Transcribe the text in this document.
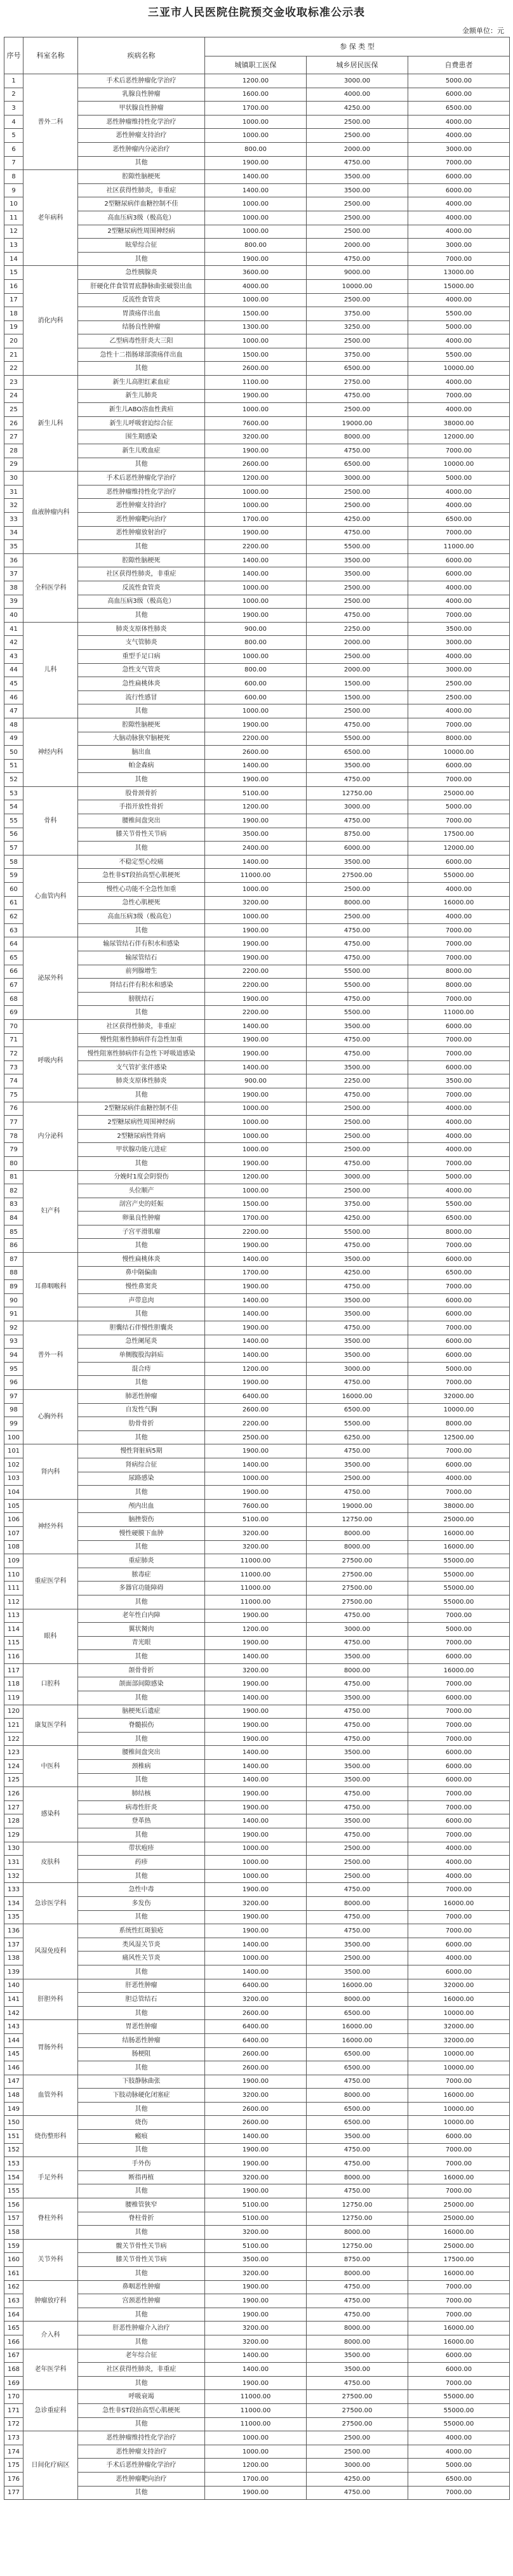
三亚市人民医院住院预交金收取标准公示表
金额单位：元
序号	科室名称	疾病名称	参 保 类 型		
			城镇职工医保	城乡居民医保	自费患者
1	普外二科	手术后恶性肿瘤化学治疗	1200.00	3000.00	5000.00
2		乳腺良性肿瘤	1600.00	4000.00	6000.00
3		甲状腺良性肿瘤	1700.00	4250.00	6500.00
4		恶性肿瘤维持性化学治疗	1000.00	2500.00	4000.00
5		恶性肿瘤支持治疗	1000.00	2500.00	4000.00
6		恶性肿瘤内分泌治疗	800.00	2000.00	3000.00
7		其他	1900.00	4750.00	7000.00
8	老年病科	腔隙性脑梗死	1400.00	3500.00	6000.00
9		社区获得性肺炎，非重症	1400.00	3500.00	6000.00
10		2型糖尿病伴血糖控制不佳	1000.00	2500.00	4000.00
11		高血压病3级（极高危）	1000.00	2500.00	4000.00
12		2型糖尿病性周围神经病	1000.00	2500.00	4000.00
13		眩晕综合征	800.00	2000.00	3000.00
14		其他	1900.00	4750.00	7000.00
15	消化内科	急性胰腺炎	3600.00	9000.00	13000.00
16		肝硬化伴食管胃底静脉曲张破裂出血	4000.00	10000.00	15000.00
17		反流性食管炎	1000.00	2500.00	4000.00
18		胃溃疡伴出血	1500.00	3750.00	5500.00
19		结肠良性肿瘤	1300.00	3250.00	5000.00
20		乙型病毒性肝炎大三阳	1000.00	2500.00	4000.00
21		急性十二指肠球部溃疡伴出血	1500.00	3750.00	5500.00
22		其他	2600.00	6500.00	10000.00
23	新生儿科	新生儿高胆红素血症	1100.00	2750.00	4000.00
24		新生儿肺炎	1900.00	4750.00	7000.00
25		新生儿ABO溶血性黄疸	1000.00	2500.00	4000.00
26		新生儿呼吸窘迫综合征	7600.00	19000.00	38000.00
27		围生期感染	3200.00	8000.00	12000.00
28		新生儿败血症	1900.00	4750.00	7000.00
29		其他	2600.00	6500.00	10000.00
30	血液肿瘤内科	手术后恶性肿瘤化学治疗	1200.00	3000.00	5000.00
31		恶性肿瘤维持性化学治疗	1000.00	2500.00	4000.00
32		恶性肿瘤支持治疗	1000.00	2500.00	4000.00
33		恶性肿瘤靶向治疗	1700.00	4250.00	6500.00
34		恶性肿瘤放射治疗	1900.00	4750.00	7000.00
35		其他	2200.00	5500.00	11000.00
36	全科医学科	腔隙性脑梗死	1400.00	3500.00	6000.00
37		社区获得性肺炎，非重症	1400.00	3500.00	6000.00
38		反流性食管炎	1000.00	2500.00	4000.00
39		高血压病3级（极高危）	1000.00	2500.00	4000.00
40		其他	1900.00	4750.00	7000.00
41	儿科	肺炎支原体性肺炎	900.00	2250.00	3500.00
42		支气管肺炎	800.00	2000.00	3000.00
43		重型手足口病	1000.00	2500.00	4000.00
44		急性支气管炎	800.00	2000.00	3000.00
45		急性扁桃体炎	600.00	1500.00	2500.00
46		流行性感冒	600.00	1500.00	2500.00
47		其他	1000.00	2500.00	4000.00
48	神经内科	腔隙性脑梗死	1900.00	4750.00	7000.00
49		大脑动脉狭窄脑梗死	2200.00	5500.00	8000.00
50		脑出血	2600.00	6500.00	10000.00
51		帕金森病	1400.00	3500.00	6000.00
52		其他	1900.00	4750.00	7000.00
53	骨科	股骨颈骨折	5100.00	12750.00	25000.00
54		手指开放性骨折	1200.00	3000.00	5000.00
55		腰椎间盘突出	1900.00	4750.00	7000.00
56		膝关节骨性关节病	3500.00	8750.00	17500.00
57		其他	2400.00	6000.00	12000.00
58	心血管内科	不稳定型心绞痛	1400.00	3500.00	6000.00
59		急性非ST段抬高型心肌梗死	11000.00	27500.00	55000.00
60		慢性心功能不全急性加重	1000.00	2500.00	4000.00
61		急性心肌梗死	3200.00	8000.00	16000.00
62		高血压病3级（极高危）	1000.00	2500.00	4000.00
63		其他	1900.00	4750.00	7000.00
64	泌尿外科	输尿管结石伴有积水和感染	1900.00	4750.00	7000.00
65		输尿管结石	1900.00	4750.00	7000.00
66		前列腺增生	2200.00	5500.00	8000.00
67		肾结石伴有积水和感染	2200.00	5500.00	8000.00
68		膀胱结石	1900.00	4750.00	7000.00
69		其他	2200.00	5500.00	11000.00
70	呼吸内科	社区获得性肺炎，非重症	1400.00	3500.00	6000.00
71		慢性阻塞性肺病伴有急性加重	1900.00	4750.00	7000.00
72		慢性阻塞性肺病伴有急性下呼吸道感染	1900.00	4750.00	7000.00
73		支气管扩张伴感染	1400.00	3500.00	6000.00
74		肺炎支原体性肺炎	900.00	2250.00	3500.00
75		其他	1900.00	4750.00	7000.00
76	内分泌科	2型糖尿病伴血糖控制不佳	1000.00	2500.00	4000.00
77		2型糖尿病性周围神经病	1000.00	2500.00	4000.00
78		2型糖尿病性肾病	1000.00	2500.00	4000.00
79		甲状腺功能亢进症	1000.00	2500.00	4000.00
80		其他	1900.00	4750.00	7000.00
81	妇产科	分娩时1度会阴裂伤	1200.00	3000.00	5000.00
82		头位顺产	1000.00	2500.00	4000.00
83		剖宫产史的妊娠	1500.00	3750.00	5500.00
84		卵巢良性肿瘤	1700.00	4250.00	6500.00
85		子宫平滑肌瘤	2200.00	5500.00	8000.00
86		其他	1900.00	4750.00	7000.00
87	耳鼻咽喉科	慢性扁桃体炎	1400.00	3500.00	6000.00
88		鼻中隔偏曲	1700.00	4250.00	6500.00
89		慢性鼻窦炎	1900.00	4750.00	7000.00
90		声带息肉	1400.00	3500.00	6000.00
91		其他	1400.00	3500.00	6000.00
92	普外一科	胆囊结石伴慢性胆囊炎	1900.00	4750.00	7000.00
93		急性阑尾炎	1400.00	3500.00	6000.00
94		单侧腹股沟斜疝	1400.00	3500.00	6000.00
95		混合痔	1200.00	3000.00	5000.00
96		其他	1900.00	4750.00	7000.00
97	心胸外科	肺恶性肿瘤	6400.00	16000.00	32000.00
98		自发性气胸	2600.00	6500.00	10000.00
99		肋骨骨折	2200.00	5500.00	8000.00
100		其他	2500.00	6250.00	12500.00
101	肾内科	慢性肾脏病5期	1900.00	4750.00	7000.00
102		肾病综合征	1400.00	3500.00	6000.00
103		尿路感染	1000.00	2500.00	4000.00
104		其他	1900.00	4750.00	7000.00
105	神经外科	颅内出血	7600.00	19000.00	38000.00
106		脑挫裂伤	5100.00	12750.00	25000.00
107		慢性硬膜下血肿	3200.00	8000.00	16000.00
108		其他	3200.00	8000.00	16000.00
109	重症医学科	重症肺炎	11000.00	27500.00	55000.00
110		脓毒症	11000.00	27500.00	55000.00
111		多器官功能障碍	11000.00	27500.00	55000.00
112		其他	11000.00	27500.00	55000.00
113	眼科	老年性白内障	1900.00	4750.00	7000.00
114		翼状胬肉	1200.00	3000.00	5000.00
115		青光眼	1900.00	4750.00	7000.00
116		其他	1400.00	3500.00	6000.00
117	口腔科	颌骨骨折	3200.00	8000.00	16000.00
118		颌面部间隙感染	1900.00	4750.00	7000.00
119		其他	1400.00	3500.00	6000.00
120	康复医学科	脑梗死后遗症	1900.00	4750.00	7000.00
121		脊髓损伤	1900.00	4750.00	7000.00
122		其他	1900.00	4750.00	7000.00
123	中医科	腰椎间盘突出	1400.00	3500.00	6000.00
124		颈椎病	1400.00	3500.00	6000.00
125		其他	1400.00	3500.00	6000.00
126	感染科	肺结核	1900.00	4750.00	7000.00
127		病毒性肝炎	1900.00	4750.00	7000.00
128		登革热	1400.00	3500.00	6000.00
129		其他	1900.00	4750.00	7000.00
130	皮肤科	带状疱疹	1000.00	2500.00	4000.00
131		药疹	1000.00	2500.00	4000.00
132		其他	1000.00	2500.00	4000.00
133	急诊医学科	急性中毒	1900.00	4750.00	7000.00
134		多发伤	3200.00	8000.00	16000.00
135		其他	1900.00	4750.00	7000.00
136	风湿免疫科	系统性红斑狼疮	1900.00	4750.00	7000.00
137		类风湿关节炎	1400.00	3500.00	6000.00
138		痛风性关节炎	1000.00	2500.00	4000.00
139		其他	1400.00	3500.00	6000.00
140	肝胆外科	肝恶性肿瘤	6400.00	16000.00	32000.00
141		胆总管结石	3200.00	8000.00	16000.00
142		其他	2600.00	6500.00	10000.00
143	胃肠外科	胃恶性肿瘤	6400.00	16000.00	32000.00
144		结肠恶性肿瘤	6400.00	16000.00	32000.00
145		肠梗阻	2600.00	6500.00	10000.00
146		其他	2600.00	6500.00	10000.00
147	血管外科	下肢静脉曲张	1900.00	4750.00	7000.00
148		下肢动脉硬化闭塞症	3200.00	8000.00	16000.00
149		其他	2600.00	6500.00	10000.00
150	烧伤整形科	烧伤	2600.00	6500.00	10000.00
151		瘢痕	1400.00	3500.00	6000.00
152		其他	1900.00	4750.00	7000.00
153	手足外科	手外伤	1900.00	4750.00	7000.00
154		断指再植	3200.00	8000.00	16000.00
155		其他	1900.00	4750.00	7000.00
156	脊柱外科	腰椎管狭窄	5100.00	12750.00	25000.00
157		脊柱骨折	5100.00	12750.00	25000.00
158		其他	3200.00	8000.00	16000.00
159	关节外科	髋关节骨性关节病	5100.00	12750.00	25000.00
160		膝关节骨性关节病	3500.00	8750.00	17500.00
161		其他	3200.00	8000.00	16000.00
162	肿瘤放疗科	鼻咽恶性肿瘤	1900.00	4750.00	7000.00
163		宫颈恶性肿瘤	1900.00	4750.00	7000.00
164		其他	1900.00	4750.00	7000.00
165	介入科	肝恶性肿瘤介入治疗	3200.00	8000.00	16000.00
166		其他	3200.00	8000.00	16000.00
167	老年医学科	老年综合征	1400.00	3500.00	6000.00
168		社区获得性肺炎，非重症	1400.00	3500.00	6000.00
169		其他	1900.00	4750.00	7000.00
170	急诊重症科	呼吸衰竭	11000.00	27500.00	55000.00
171		急性非ST段抬高型心肌梗死	11000.00	27500.00	55000.00
172		其他	11000.00	27500.00	55000.00
173	日间化疗病区	恶性肿瘤维持性化学治疗	1000.00	2500.00	4000.00
174		恶性肿瘤支持治疗	1000.00	2500.00	4000.00
175		手术后恶性肿瘤化学治疗	1200.00	3000.00	5000.00
176		恶性肿瘤靶向治疗	1700.00	4250.00	6500.00
177		其他	1900.00	4750.00	7000.00
